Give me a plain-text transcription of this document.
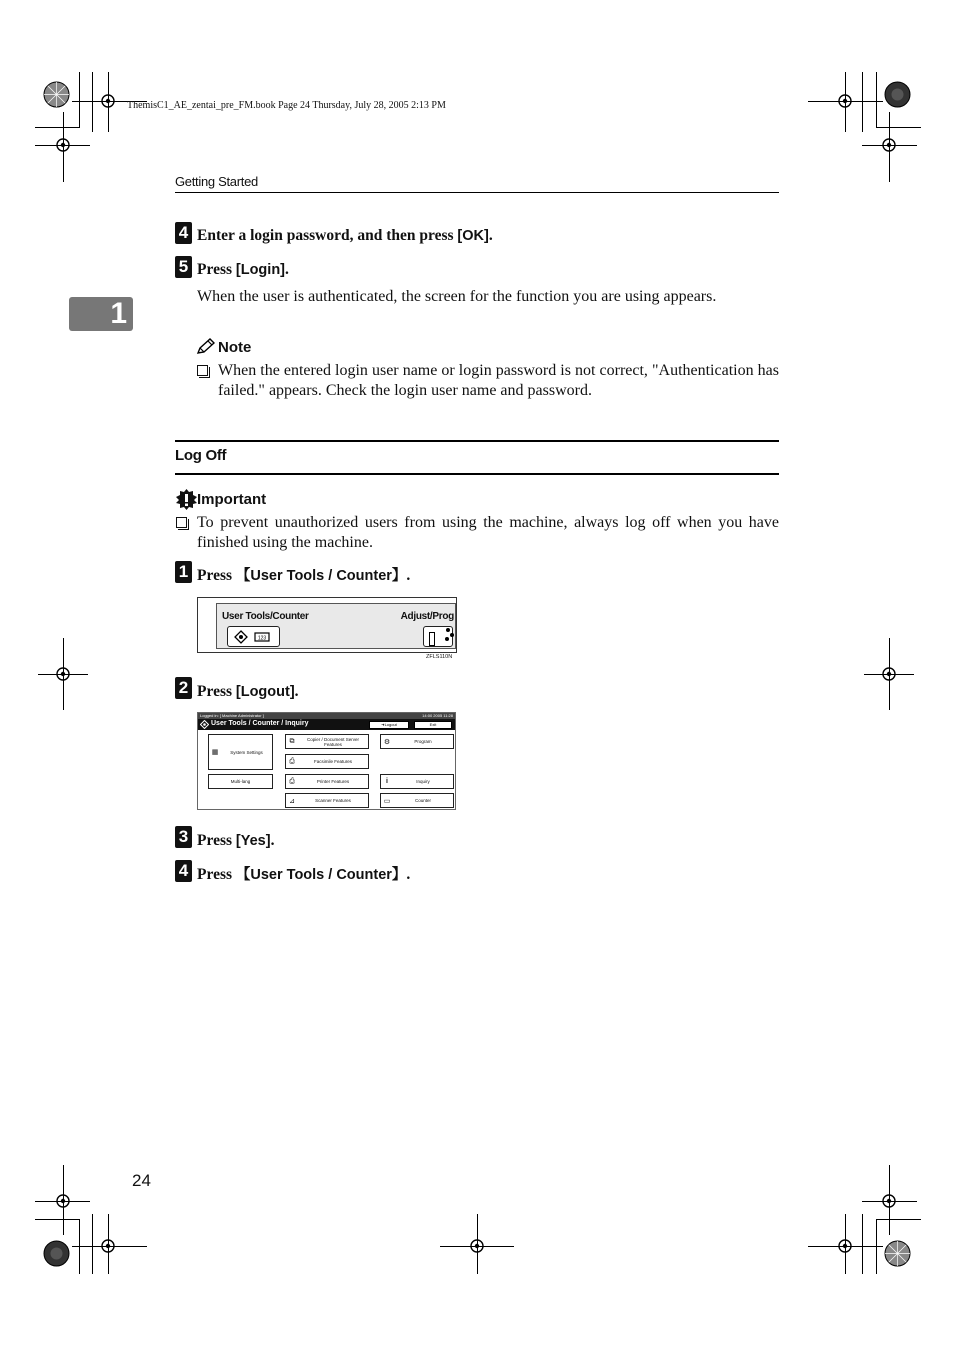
ThemisC1_AE_zentai_pre_FM.book Page 24 Thursday, July 28, 2005 2:13 PM
Getting Started
1
4 Enter a login password, and then press [OK].
5 Press [Login].
When the user is authenticated, the screen for the function you are using appears.
Note
When the entered login user name or login password is not correct, "Authentication has failed." appears. Check the login user name and password.
Log Off
Important
To prevent unauthorized users from using the machine, always log off when you have finished using the machine.
1 Press 【User Tools / Counter】.
User Tools/Counter	Adjust/Prog
123
ZFLS110N
2 Press [Logout].
Logged in: [ Machine Administrator ]	14:00 2005 11:28
User Tools / Counter / Inquiry	➜Logout	Exit
▦	System Settings
Multi-lang
⧉	Copier / Document Server Features
⎙	Facsimile Features
⎙	Printer Features
⊿	Scanner Features
⚙	Program
i	Inquiry
▭	Counter
3 Press [Yes].
4 Press 【User Tools / Counter】.
24
